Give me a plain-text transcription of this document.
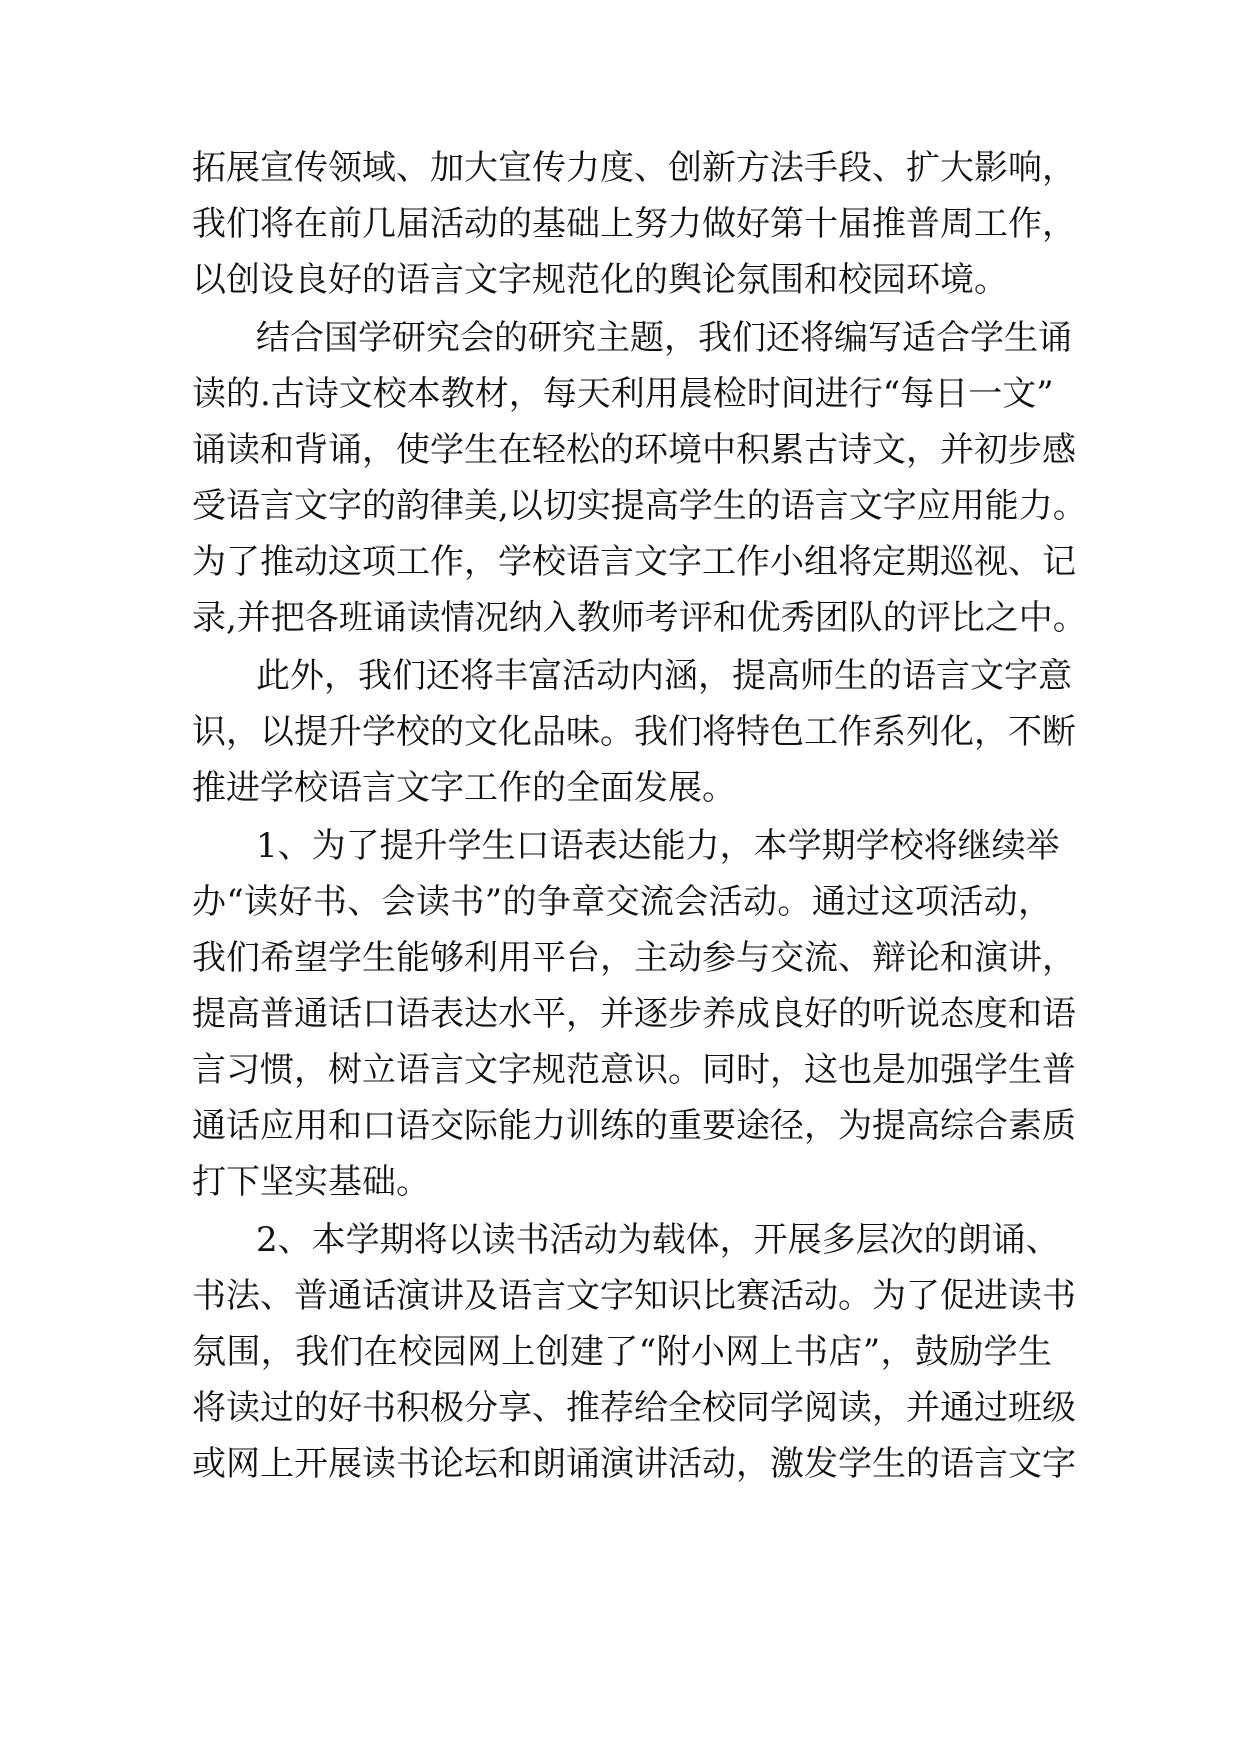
拓展宣传领域、加大宣传力度、创新方法手段、扩大影响，
我们将在前几届活动的基础上努力做好第十届推普周工作，
以创设良好的语言文字规范化的舆论氛围和校园环境。
结合国学研究会的研究主题，我们还将编写适合学生诵
读的.古诗文校本教材，每天利用晨检时间进行“每日一文”
诵读和背诵，使学生在轻松的环境中积累古诗文，并初步感
受语言文字的韵律美,以切实提高学生的语言文字应用能力。
为了推动这项工作，学校语言文字工作小组将定期巡视、记
录,并把各班诵读情况纳入教师考评和优秀团队的评比之中。
此外，我们还将丰富活动内涵，提高师生的语言文字意
识，以提升学校的文化品味。我们将特色工作系列化，不断
推进学校语言文字工作的全面发展。
1、为了提升学生口语表达能力，本学期学校将继续举
办“读好书、会读书”的争章交流会活动。通过这项活动，
我们希望学生能够利用平台，主动参与交流、辩论和演讲，
提高普通话口语表达水平，并逐步养成良好的听说态度和语
言习惯，树立语言文字规范意识。同时，这也是加强学生普
通话应用和口语交际能力训练的重要途径，为提高综合素质
打下坚实基础。
2、本学期将以读书活动为载体，开展多层次的朗诵、
书法、普通话演讲及语言文字知识比赛活动。为了促进读书
氛围，我们在校园网上创建了“附小网上书店”，鼓励学生
将读过的好书积极分享、推荐给全校同学阅读，并通过班级
或网上开展读书论坛和朗诵演讲活动，激发学生的语言文字
